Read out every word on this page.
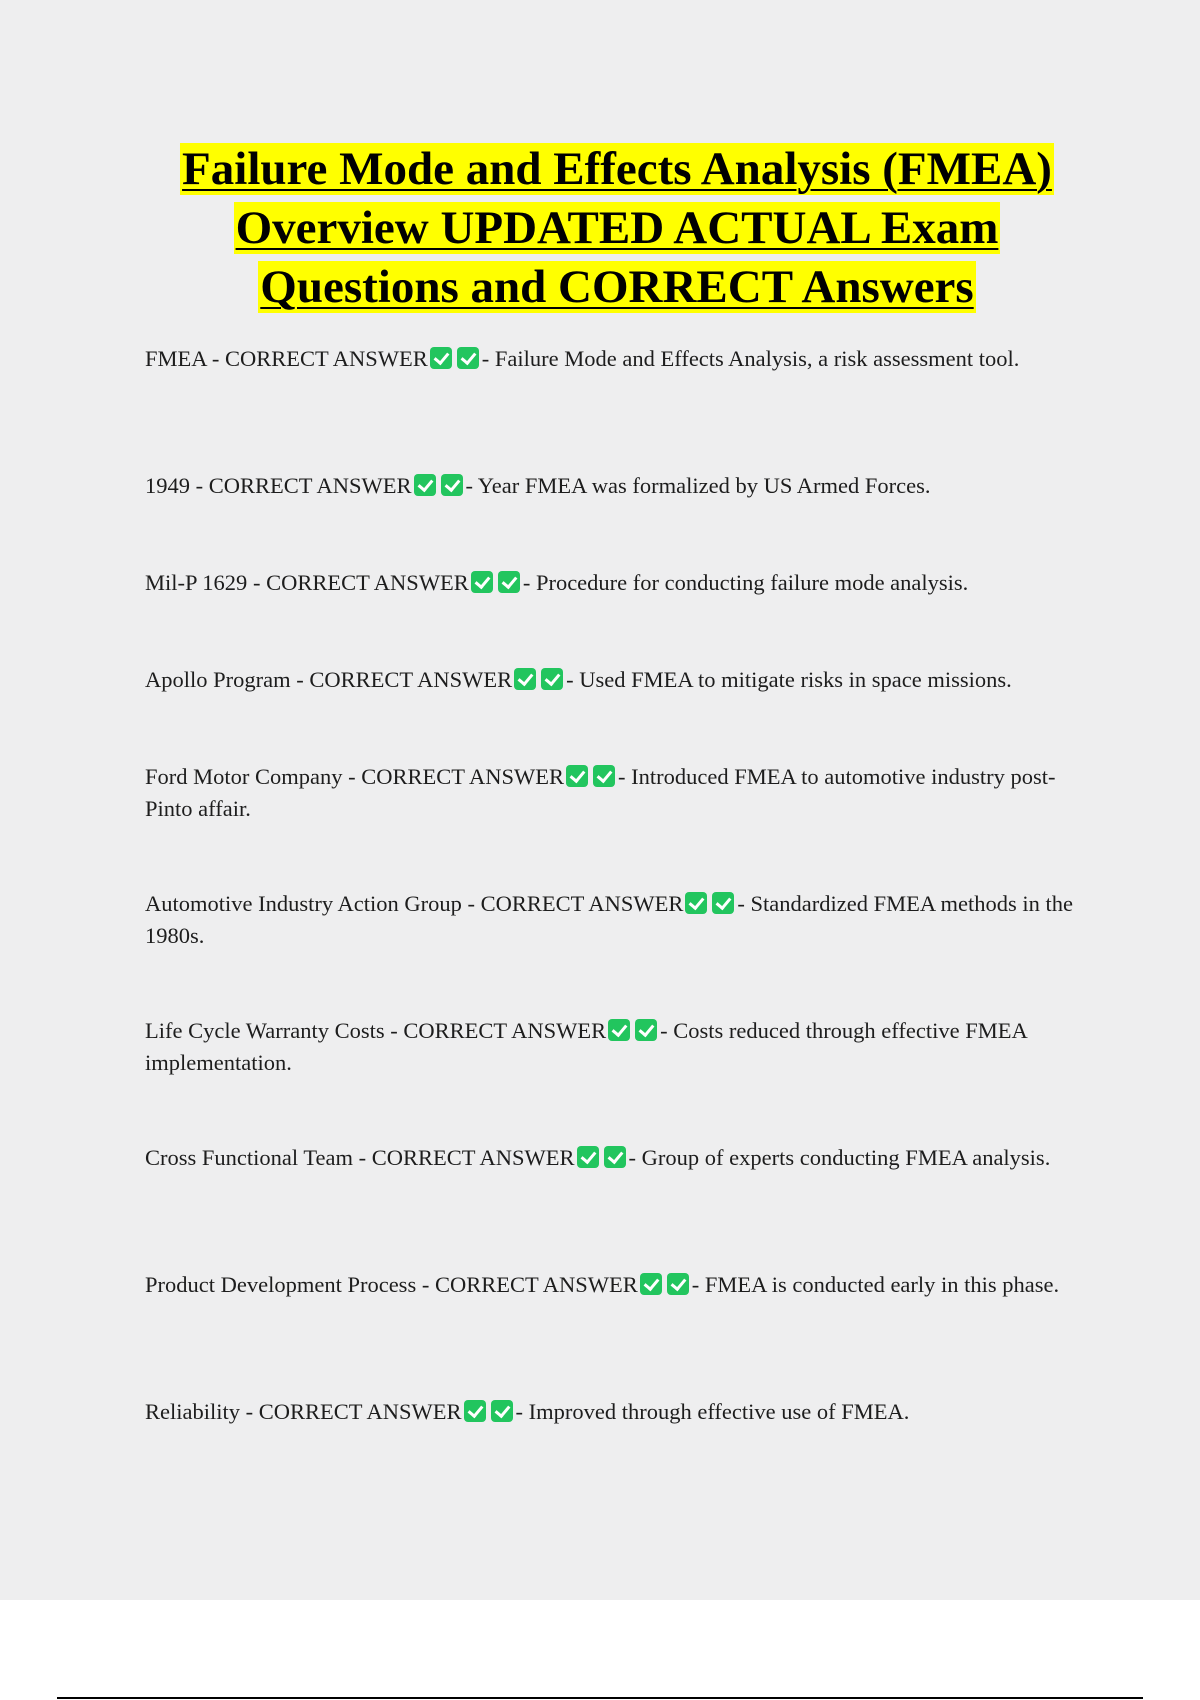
Failure Mode and Effects Analysis (FMEA)
Overview UPDATED ACTUAL Exam
Questions and CORRECT Answers
FMEA - CORRECT ANSWER - Failure Mode and Effects Analysis, a risk assessment tool.
1949 - CORRECT ANSWER - Year FMEA was formalized by US Armed Forces.
Mil-P 1629 - CORRECT ANSWER - Procedure for conducting failure mode analysis.
Apollo Program - CORRECT ANSWER - Used FMEA to mitigate risks in space missions.
Ford Motor Company - CORRECT ANSWER - Introduced FMEA to automotive industry post-Pinto affair.
Automotive Industry Action Group - CORRECT ANSWER - Standardized FMEA methods in the 1980s.
Life Cycle Warranty Costs - CORRECT ANSWER - Costs reduced through effective FMEA implementation.
Cross Functional Team - CORRECT ANSWER - Group of experts conducting FMEA analysis.
Product Development Process - CORRECT ANSWER - FMEA is conducted early in this phase.
Reliability - CORRECT ANSWER - Improved through effective use of FMEA.
